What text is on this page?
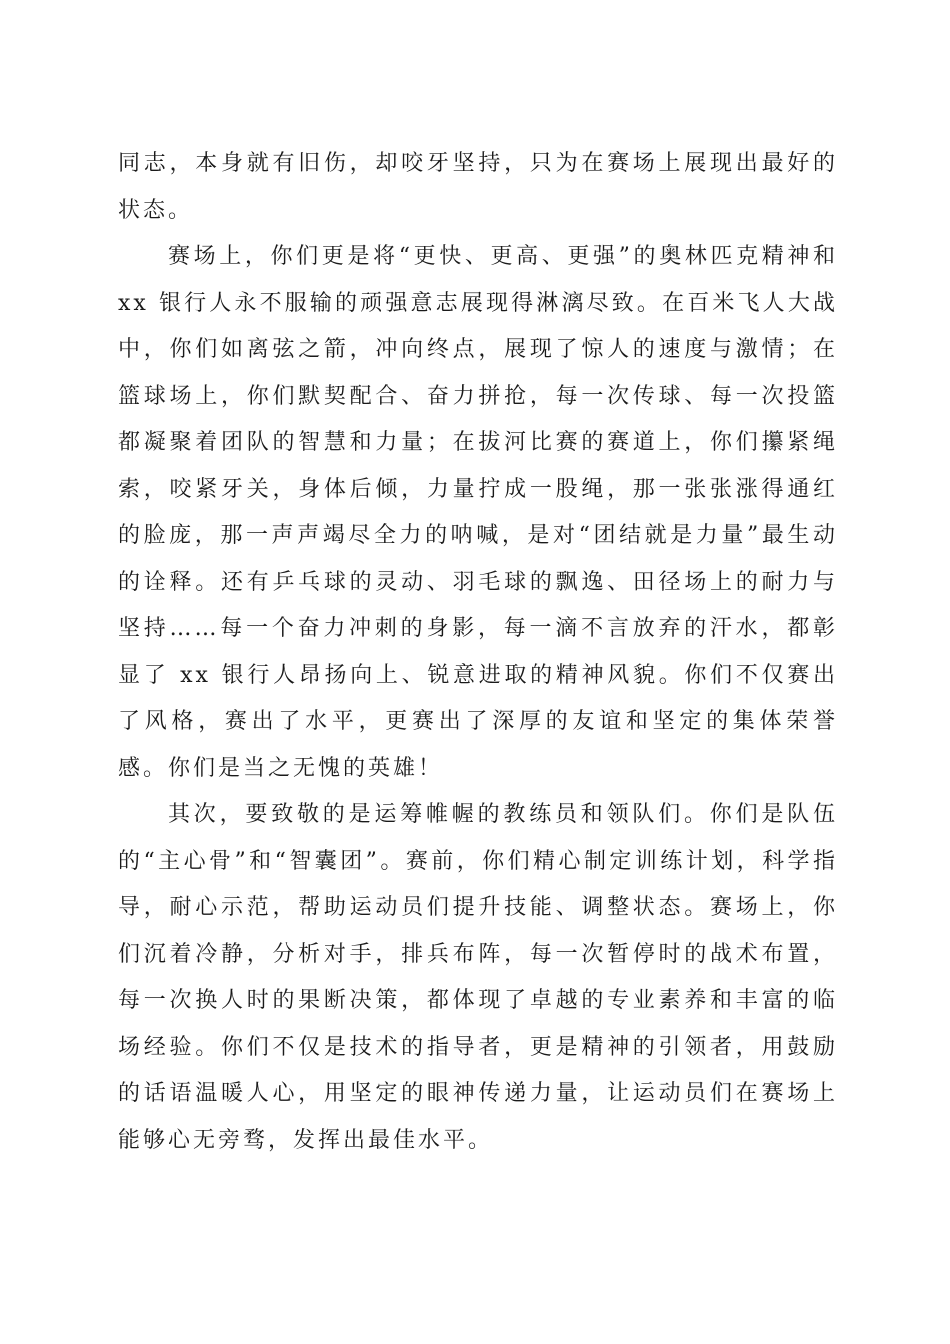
同志，本身就有旧伤，却咬牙坚持，只为在赛场上展现出最好的状态。

赛场上，你们更是将“更快、更高、更强”的奥林匹克精神和 xx 银行人永不服输的顽强意志展现得淋漓尽致。在百米飞人大战中，你们如离弦之箭，冲向终点，展现了惊人的速度与激情；在篮球场上，你们默契配合、奋力拼抢，每一次传球、每一次投篮都凝聚着团队的智慧和力量；在拔河比赛的赛道上，你们攥紧绳索，咬紧牙关，身体后倾，力量拧成一股绳，那一张张涨得通红的脸庞，那一声声竭尽全力的呐喊，是对“团结就是力量”最生动的诠释。还有乒乓球的灵动、羽毛球的飘逸、田径场上的耐力与坚持……每一个奋力冲刺的身影，每一滴不言放弃的汗水，都彰显了 xx 银行人昂扬向上、锐意进取的精神风貌。你们不仅赛出了风格，赛出了水平，更赛出了深厚的友谊和坚定的集体荣誉感。你们是当之无愧的英雄！

其次，要致敬的是运筹帷幄的教练员和领队们。你们是队伍的“主心骨”和“智囊团”。赛前，你们精心制定训练计划，科学指导，耐心示范，帮助运动员们提升技能、调整状态。赛场上，你们沉着冷静，分析对手，排兵布阵，每一次暂停时的战术布置，每一次换人时的果断决策，都体现了卓越的专业素养和丰富的临场经验。你们不仅是技术的指导者，更是精神的引领者，用鼓励的话语温暖人心，用坚定的眼神传递力量，让运动员们在赛场上能够心无旁骛，发挥出最佳水平。
